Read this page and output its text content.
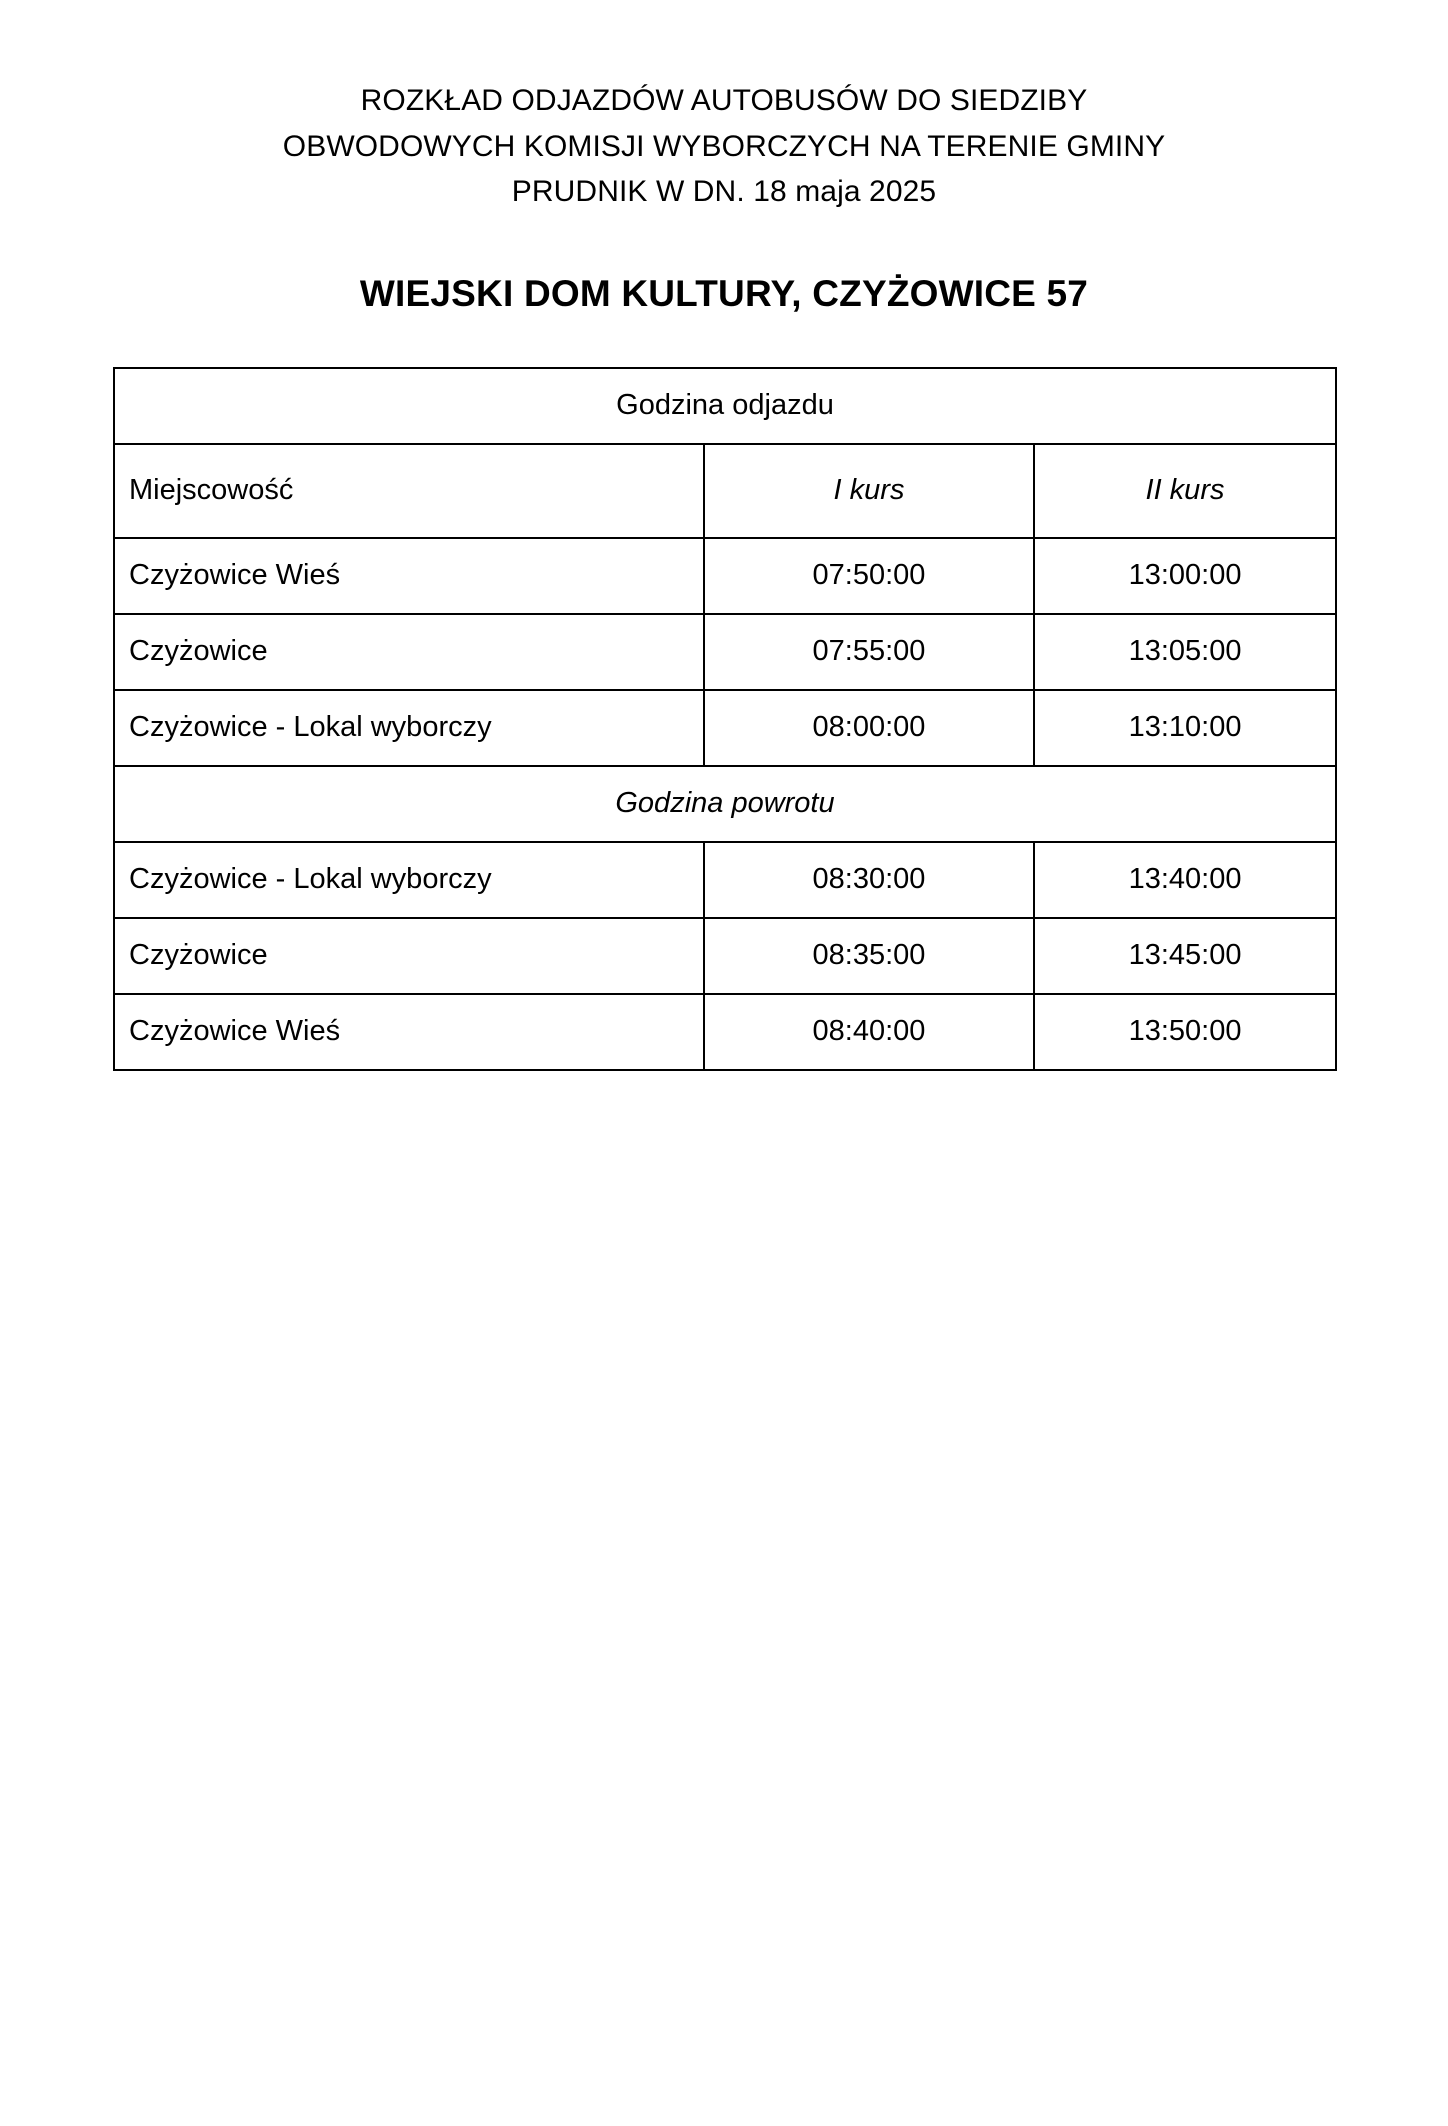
ROZKŁAD ODJAZDÓW AUTOBUSÓW DO SIEDZIBY
OBWODOWYCH KOMISJI WYBORCZYCH NA TERENIE GMINY
PRUDNIK W DN. 18 maja 2025
WIEJSKI DOM KULTURY, CZYŻOWICE 57
Godzina odjazdu		
Miejscowość	I kurs	II kurs
Czyżowice Wieś	07:50:00	13:00:00
Czyżowice	07:55:00	13:05:00
Czyżowice - Lokal wyborczy	08:00:00	13:10:00
Godzina powrotu		
Czyżowice - Lokal wyborczy	08:30:00	13:40:00
Czyżowice	08:35:00	13:45:00
Czyżowice Wieś	08:40:00	13:50:00
